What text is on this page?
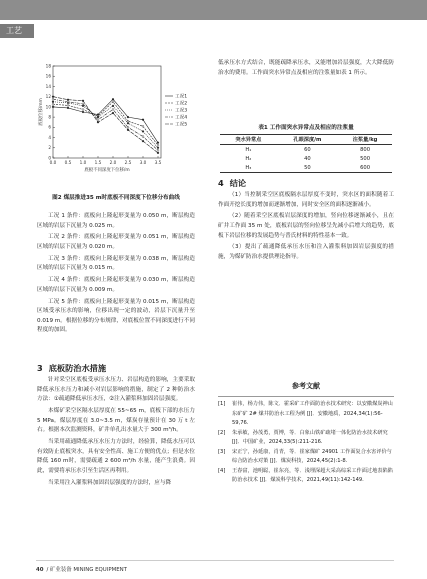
工艺
0.0 0.5 1.0 1.5 2.0 2.5 3.0 3.5
0
2
4
6
8
10
12
14
16
18
底板不同深度下位移/m
底板位移/mm
工况1
工况2
工况3
工况4
工况5
图2 煤层推进35 m时底板不同深度下位移分布曲线

工况 1 条件：底板向上隆起形变量为 0.050 m，断层构造区域的岩层下沉量为 0.025 m。

工况 2 条件：底板向上隆起形变量为 0.051 m，断层构造区域的岩层下沉量为 0.020 m。

工况 3 条件：底板向上隆起形变量为 0.038 m，断层构造区域的岩层下沉量为 0.015 m。

工况 4 条件：底板向上隆起形变量为 0.030 m，断层构造区域的岩层下沉量为 0.009 m。

工况 5 条件：底板向上隆起形变量为 0.015 m，断层构造区域受承压水的影响，位移出现一定的波动，岩层下沉量升至 0.019 m。根据位移的分布规律，对底板位置不同深度进行不同程度的加固。

3 底板防治水措施

针对采空区底板受承压水压力、岩层构造的影响，主要采取降低承压水压力和减小对岩层影响的措施，制定了 2 种防治水方法：①疏通降低承压水压，②注入灌浆料加固岩层强度。

本煤矿采空区隔水层厚度在 55~65 m，底板下部的水压力 5 MPa。煤层厚度在 3.0~3.5 m，煤炭存量预计在 30 万 t 左右。根据本次监测资料，矿井单孔出水量大于 300 m³/h。

当采用疏通降低承压水压力方法时，经验算，降低水压可以有效防止底板突水，具有安全性高、施工方便的优点；但是水位降低 160 m时，需要疏通 2 600 m³/h 水量，能产生浪费。因此，需要将承压水引至生活区再利用。

当采用注入灌浆料加固岩层强度的方法时，应与降

低承压水方式结合，既能疏降承压水，又能增加岩层强度，大大降低防治水的费用。工作面突水异常点及相应的注浆量如表 1 所示。

表1 工作面突水异常点及相应的注浆量
突水异常点	孔眼深度/m	注浆量/kg
H₁	60	800
H₂	40	500
H₃	50	600
4 结论

（1）当控制采空区底板隔水层厚度不变时，突水区的面积随着工作面开挖长度的增加而逐渐增加，同时安全区的面积逐渐减小。

（2）随着采空区底板岩层深度的增加，竖向位移逐渐减小，且在矿井工作面 35 m 处，底板岩层的竖向位移呈先减小后增大的趋势，底板下岩层位移的发展趋势与普氏材料的特性基本一致。

（3）提出了疏通降低承压水压和注入灌浆料加固岩层强度的措施，为煤矿防治水提供理论指导。

参考文献
[1]	崔伟，杨力伟，陈文．霍采矿工作面防治水技术研究：以安徽煤炭神山东矿矿 2# 煤井防治水工程为例 [J]．安徽地质，2024,34(1):56-59,76.
[2]	朱承敏，孙茂勇，贾博，等．白象山铁矿疏堵一体化防治水技术研究 [J]．中国矿业，2024,33(5):211-216.
[3]	宋正宁，孙延康，肖青，等．崔家煤矿 24901 工作面复合水害评价与综合防治水对策 [J]．煤炭科技，2024,45(2):1-8.
[4]	王春富，池明聪，崔东亮，等．浅埋深超大采高综采工作面过地表陷陷防治水技术 [J]．煤炭科学技术，2021,49(11):142-149.
40 / 矿业装备 MINING EQUIPMENT
